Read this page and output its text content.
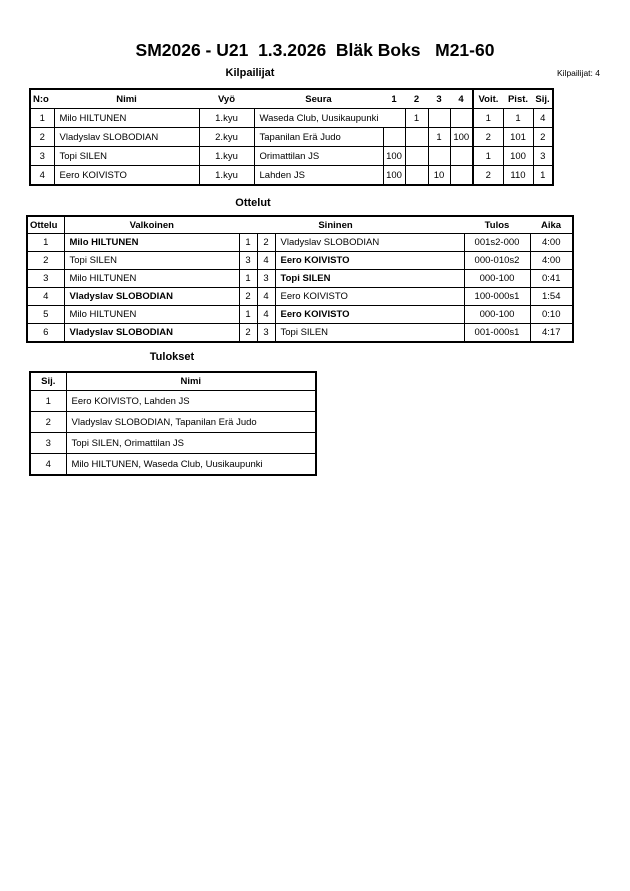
SM2026 - U21  1.3.2026  Bläk Boks   M21-60
Kilpailijat	Kilpailijat: 4
N:o	Nimi	Vyö	Seura	1	2	3	4	Voit.	Pist.	Sij.
1	Milo HILTUNEN	1.kyu	Waseda Club, Uusikaupunki		1			1	1	4
2	Vladyslav SLOBODIAN	2.kyu	Tapanilan Erä Judo			1	100	2	101	2
3	Topi SILEN	1.kyu	Orimattilan JS	100				1	100	3
4	Eero KOIVISTO	1.kyu	Lahden JS	100		10		2	110	1
Ottelut
Ottelu	Valkoinen			Sininen	Tulos	Aika
1	Milo HILTUNEN	1	2	Vladyslav SLOBODIAN	001s2-000	4:00
2	Topi SILEN	3	4	Eero KOIVISTO	000-010s2	4:00
3	Milo HILTUNEN	1	3	Topi SILEN	000-100	0:41
4	Vladyslav SLOBODIAN	2	4	Eero KOIVISTO	100-000s1	1:54
5	Milo HILTUNEN	1	4	Eero KOIVISTO	000-100	0:10
6	Vladyslav SLOBODIAN	2	3	Topi SILEN	001-000s1	4:17
Tulokset
Sij.	Nimi
1	Eero KOIVISTO, Lahden JS
2	Vladyslav SLOBODIAN, Tapanilan Erä Judo
3	Topi SILEN, Orimattilan JS
4	Milo HILTUNEN, Waseda Club, Uusikaupunki
